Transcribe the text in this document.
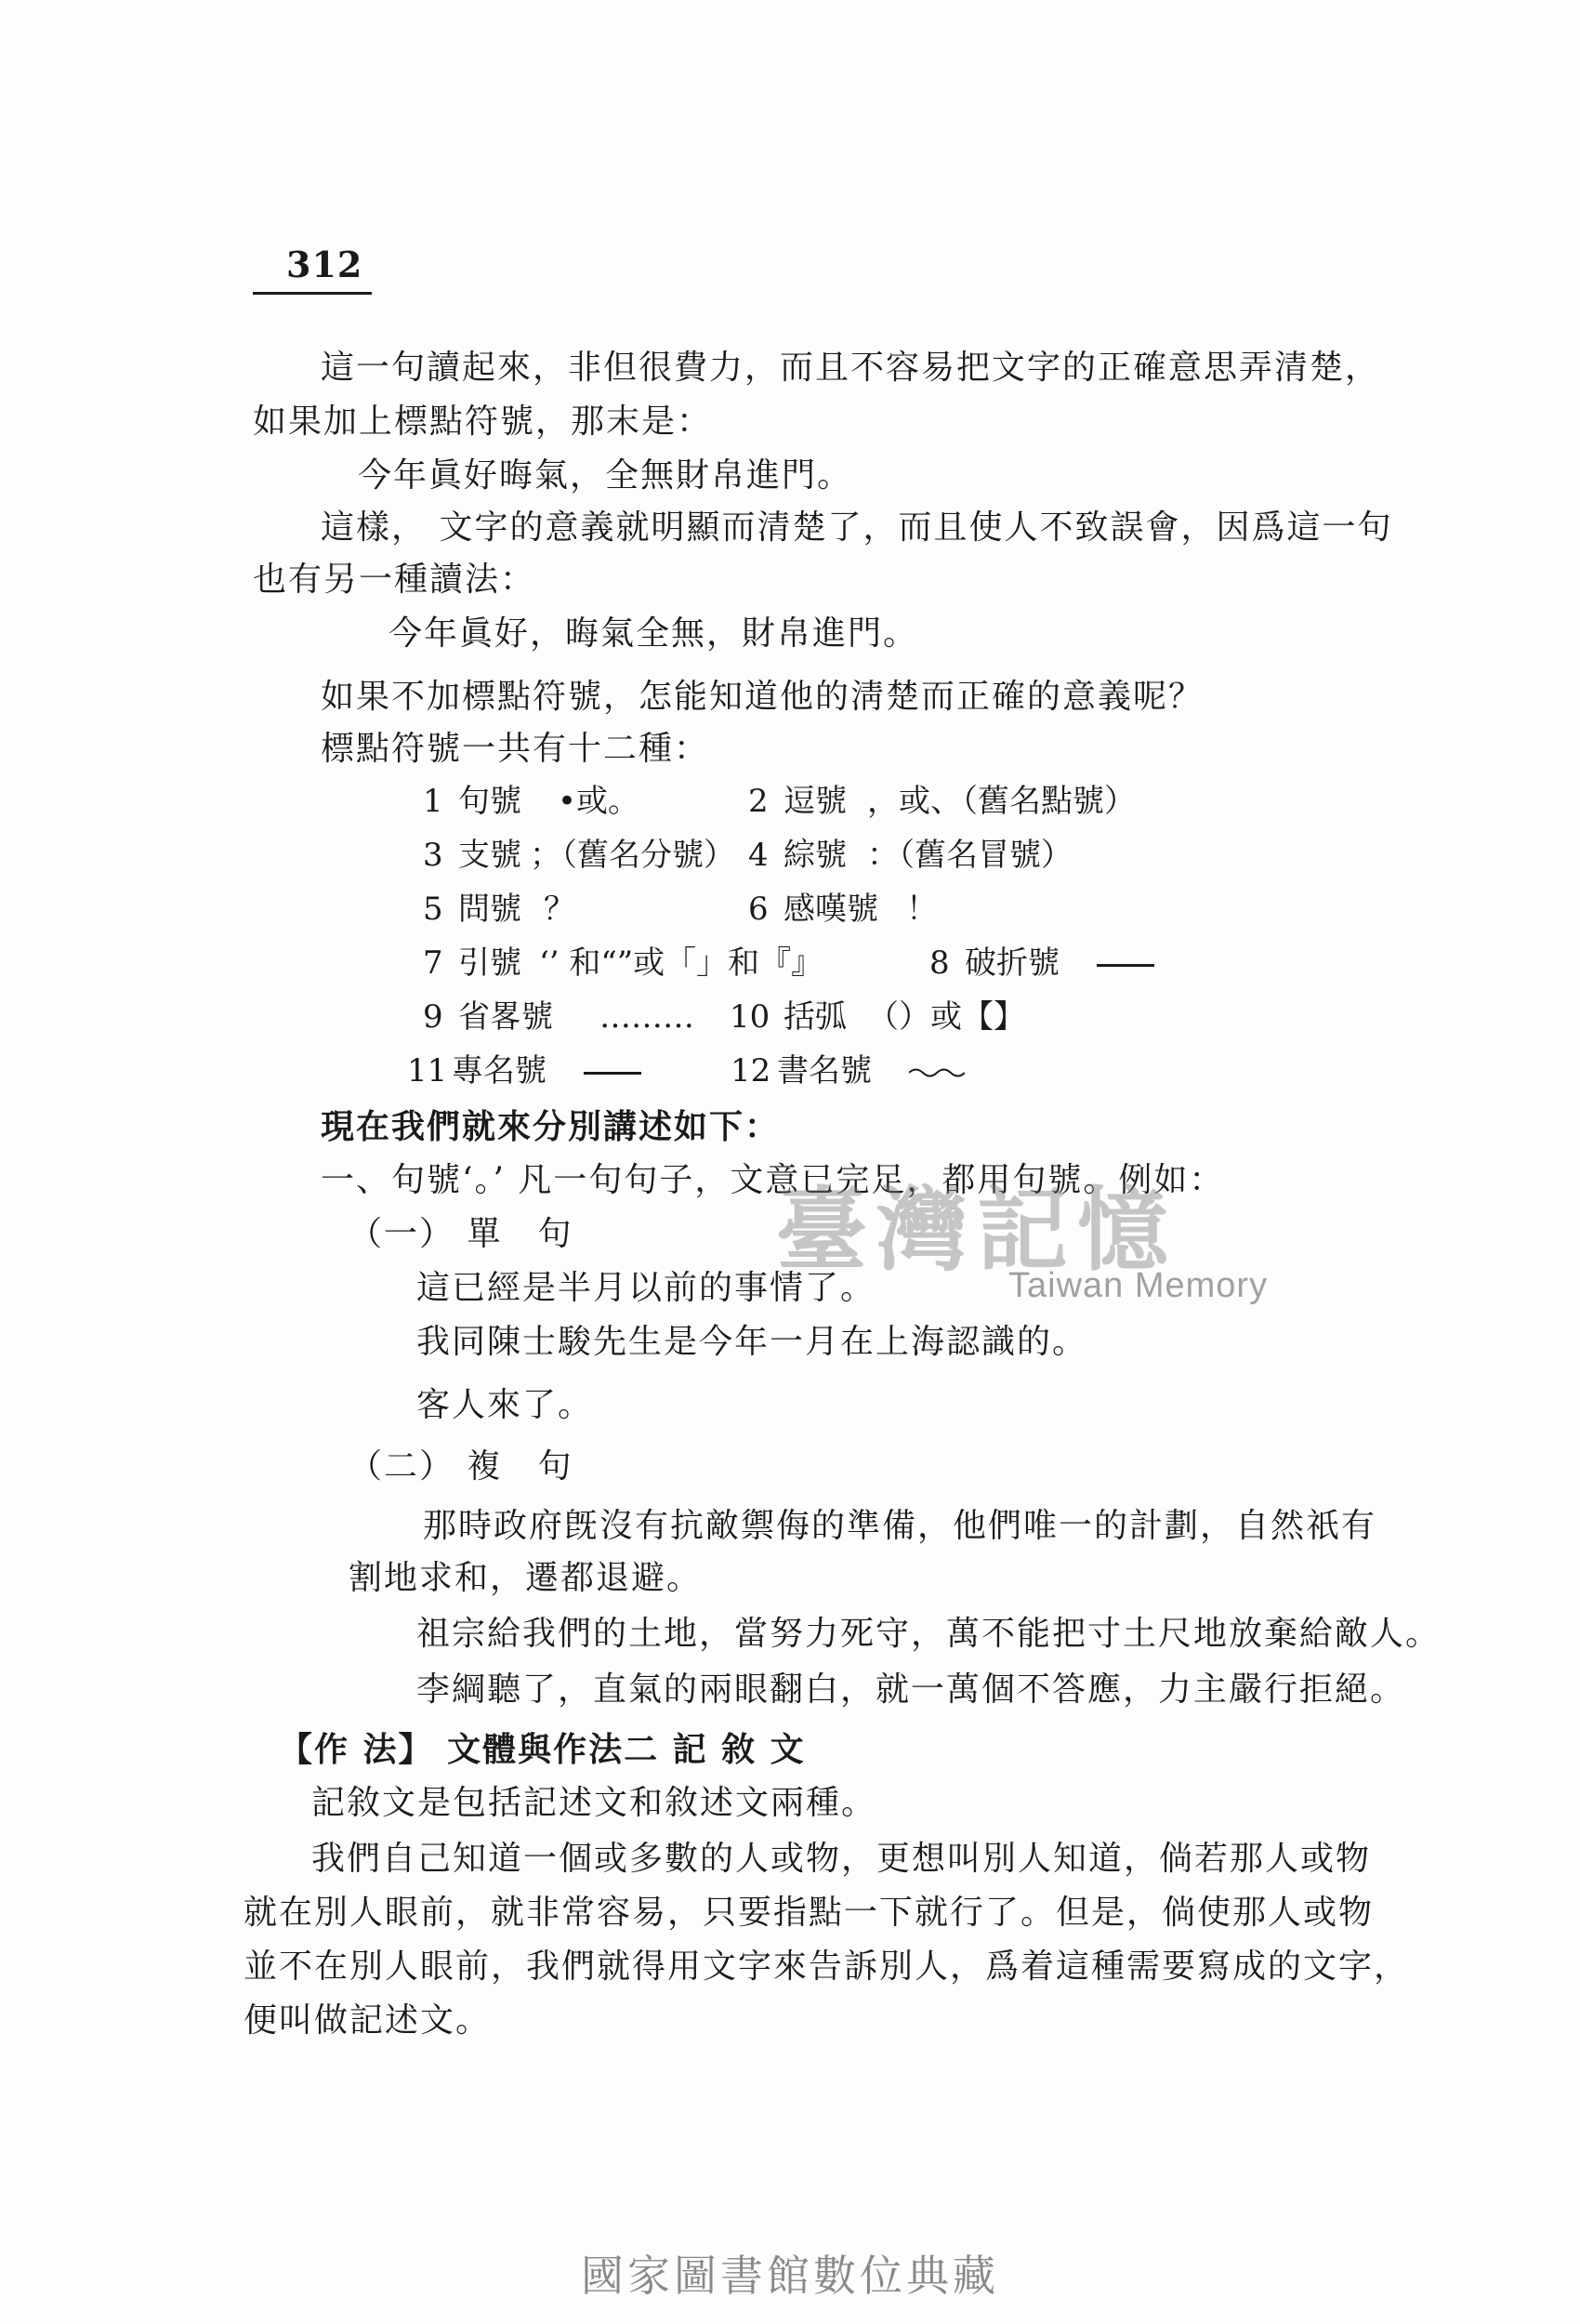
312
這一句讀起來，非但很費力，而且不容易把文字的正確意思弄清楚，
如果加上標點符號，那末是：
今年眞好晦氣，全無財帛進門。
這樣， 文字的意義就明顯而清楚了，而且使人不致誤會，因爲這一句
也有另一種讀法：
今年眞好，晦氣全無，財帛進門。
如果不加標點符號，怎能知道他的淸楚而正確的意義呢？
標點符號一共有十二種：
1 句號 •或。	2 逗號 ，或、（舊名點號）
3 支號 ；（舊名分號） 4 綜號 ：（舊名冒號）
5 問號 ？	6 感嘆號 ！
7 引號 ‘’ 和“”或「」和『』	8 破折號
9 省畧號 ……… 10 括弧 （）或【】
11 專名號	12 書名號
現在我們就來分別講述如下：
一、句號‘。’ 凡一句句子，文意已完足，都用句號。例如：
（一） 單　句
這已經是半月以前的事情了。
我同陳士駿先生是今年一月在上海認識的。
客人來了。
（二） 複　句
那時政府旣沒有抗敵禦侮的準備，他們唯一的計劃，自然祇有
割地求和，遷都退避。
祖宗給我們的土地，當努力死守，萬不能把寸土尺地放棄給敵人。
李綱聽了，直氣的兩眼翻白，就一萬個不答應，力主嚴行拒絕。
【作 法】 文體與作法二 記 敘 文
記敘文是包括記述文和敘述文兩種。
我們自己知道一個或多數的人或物，更想叫別人知道，倘若那人或物
就在別人眼前，就非常容易，只要指點一下就行了。但是，倘使那人或物
並不在別人眼前，我們就得用文字來告訴別人，爲着這種需要寫成的文字，
便叫做記述文。
臺灣記憶
Taiwan Memory
國家圖書館數位典藏
